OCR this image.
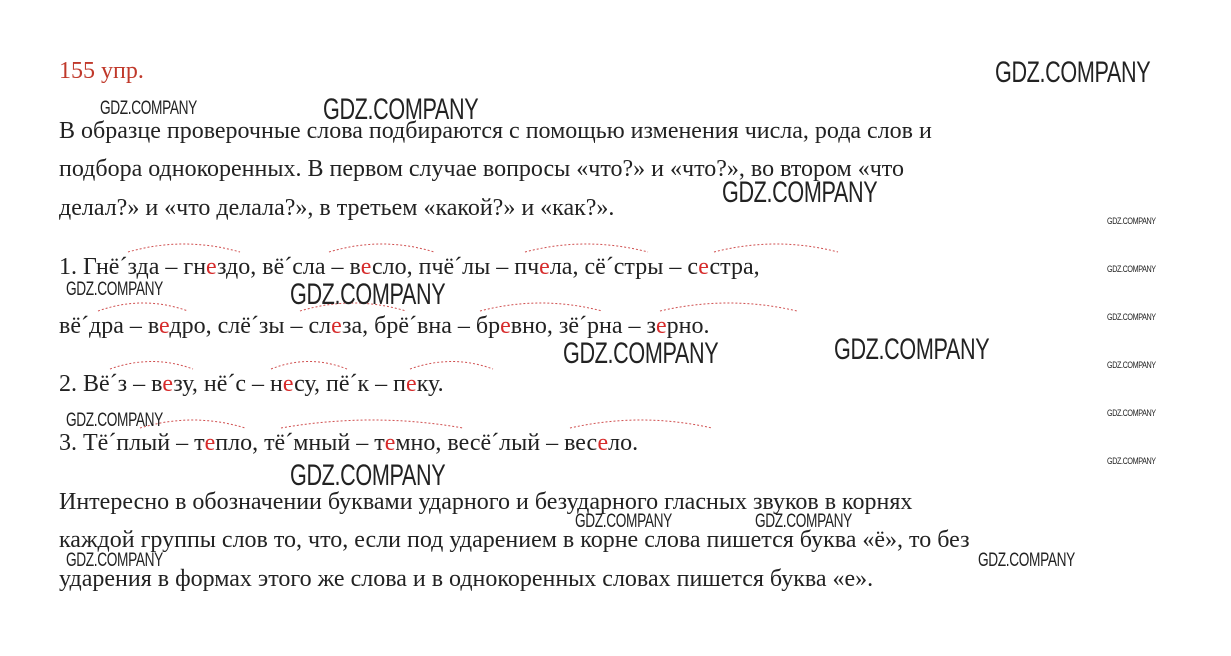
155 упр.
В образце проверочные слова подбираются с помощью изменения числа, рода слов и
подбора однокоренных. В первом случае вопросы «что?» и «что?», во втором «что
делал?» и «что делала?», в третьем «какой?» и «как?».
1. Гнё´зда – гнездо, вё´сла – весло, пчё´лы – пчела, сё´стры – сестра,
вё´дра – ведро, слё´зы – слеза, брё´вна – бревно, зё´рна – зерно.
2. Вё´з – везу, нё´с – несу, пё´к – пеку.
3. Тё´плый – тепло, тё´мный – темно, весё´лый – весело.
Интересно в обозначении буквами ударного и безударного гласных звуков в корнях
каждой группы слов то, что, если под ударением в корне слова пишется буква «ё», то без
ударения в формах этого же слова и в однокоренных словах пишется буква «е».
GDZ.COMPANY
GDZ.COMPANY	GDZ.COMPANY
GDZ.COMPANY
GDZ.COMPANY
GDZ.COMPANY
GDZ.COMPANY	GDZ.COMPANY
GDZ.COMPANY
GDZ.COMPANY	GDZ.COMPANY	GDZ.COMPANY
GDZ.COMPANY
GDZ.COMPANY
GDZ.COMPANY
GDZ.COMPANY
GDZ.COMPANY	GDZ.COMPANY
GDZ.COMPANY	GDZ.COMPANY
